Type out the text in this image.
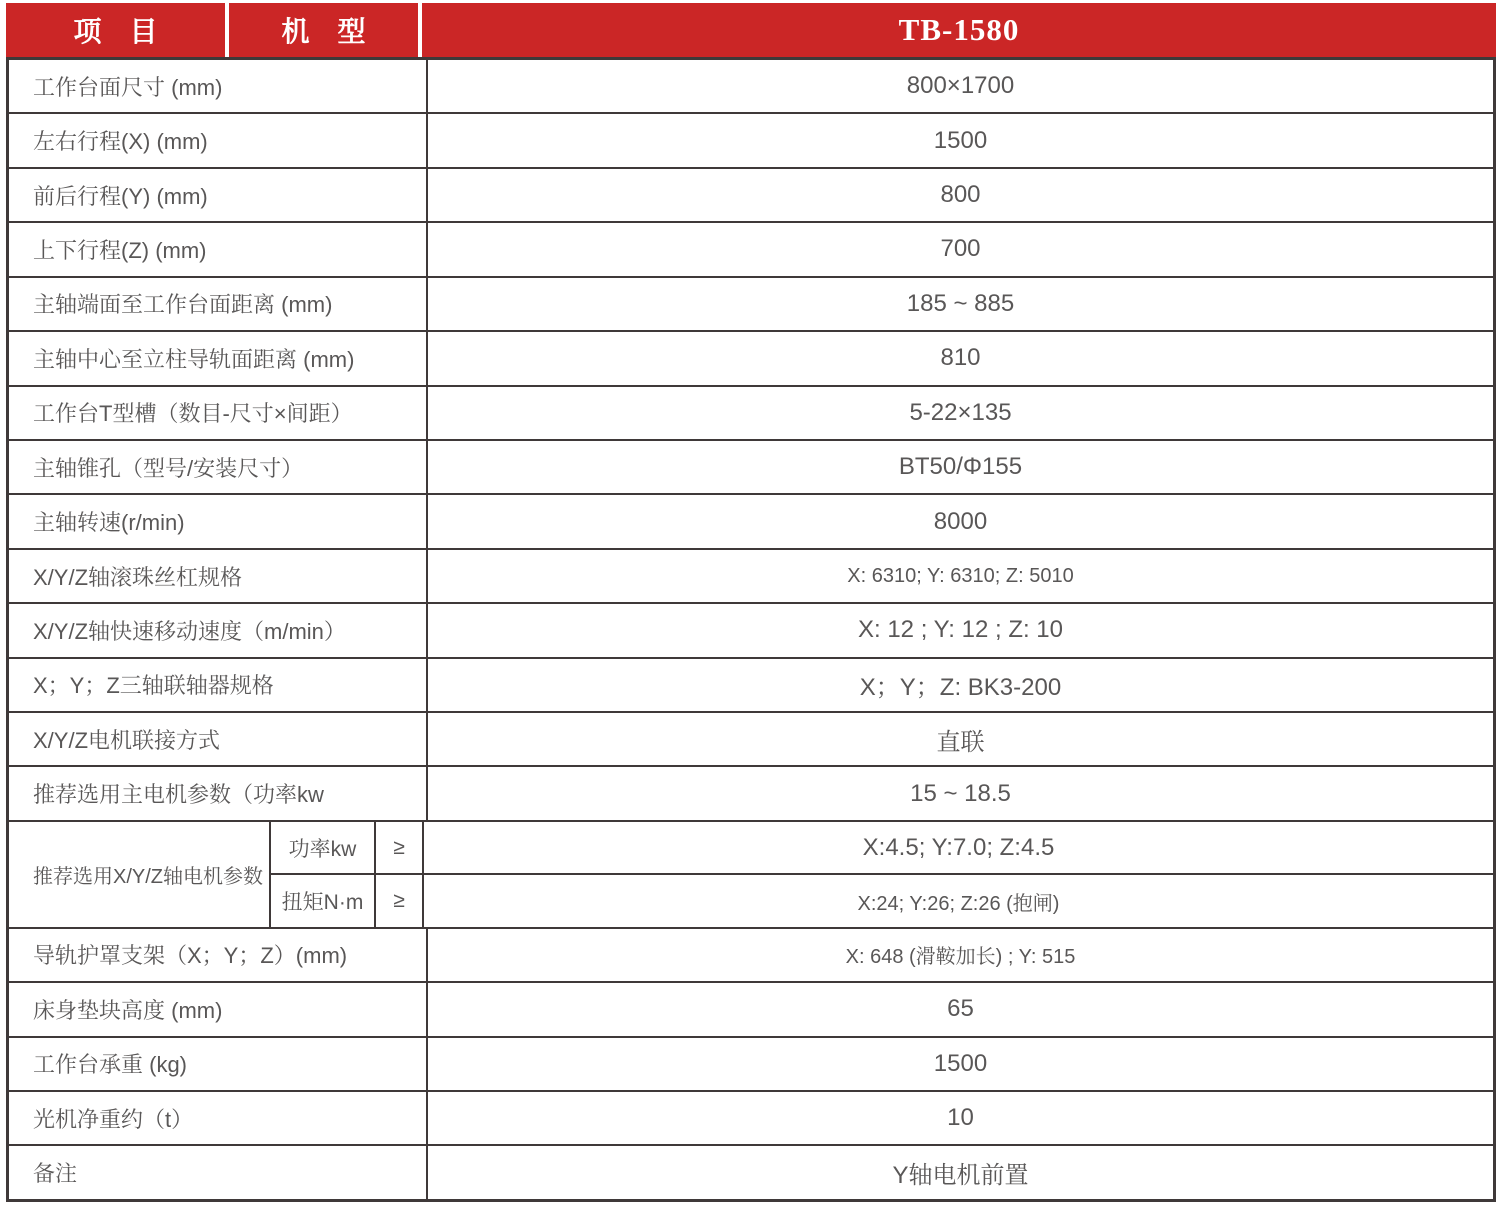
项　目	机　型	TB-1580
工作台面尺寸 (mm)	800×1700
左右行程(X) (mm)	1500
前后行程(Y) (mm)	800
上下行程(Z) (mm)	700
主轴端面至工作台面距离 (mm)	185 ~ 885
主轴中心至立柱导轨面距离 (mm)	810
工作台T型槽（数目-尺寸×间距）	5-22×135
主轴锥孔（型号/安装尺寸）	BT50/Φ155
主轴转速(r/min)	8000
X/Y/Z轴滚珠丝杠规格	X: 6310; Y: 6310; Z: 5010
X/Y/Z轴快速移动速度（m/min）	X: 12 ; Y: 12 ; Z: 10
X；Y；Z三轴联轴器规格	X；Y；Z: BK3-200
X/Y/Z电机联接方式	直联
推荐选用主电机参数（功率kw	15 ~ 18.5
推荐选用X/Y/Z轴电机参数
功率kw	≥	X:4.5; Y:7.0; Z:4.5
扭矩N·m	≥	X:24; Y:26; Z:26 (抱闸)
导轨护罩支架（X；Y；Z）(mm)	X: 648 (滑鞍加长) ; Y: 515
床身垫块高度 (mm)	65
工作台承重 (kg)	1500
光机净重约（t）	10
备注	Y轴电机前置
